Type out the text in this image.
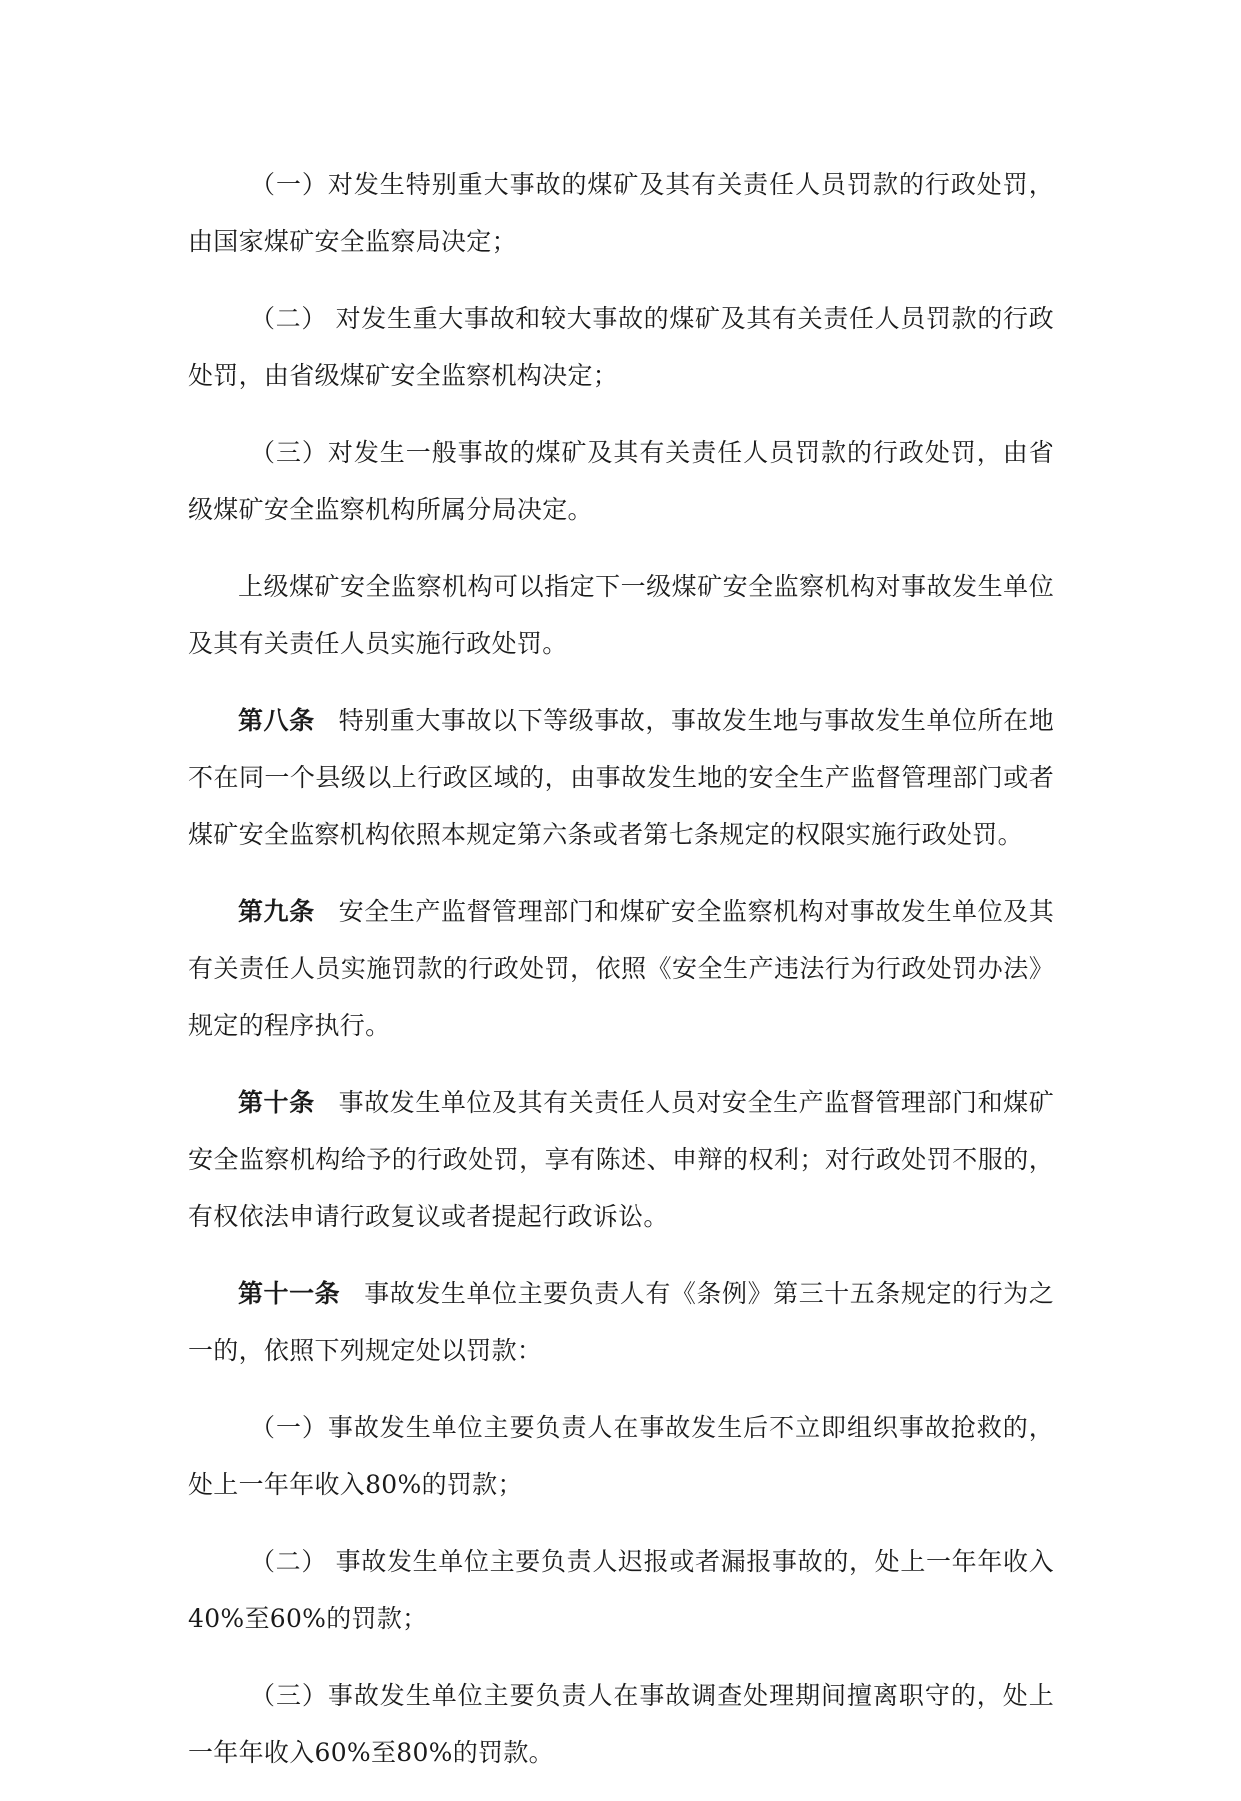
（一）对发生特别重大事故的煤矿及其有关责任人员罚款的行政处罚，由国家煤矿安全监察局决定；

（二） 对发生重大事故和较大事故的煤矿及其有关责任人员罚款的行政处罚，由省级煤矿安全监察机构决定；

（三）对发生一般事故的煤矿及其有关责任人员罚款的行政处罚，由省级煤矿安全监察机构所属分局决定。

上级煤矿安全监察机构可以指定下一级煤矿安全监察机构对事故发生单位及其有关责任人员实施行政处罚。

第八条 特别重大事故以下等级事故，事故发生地与事故发生单位所在地不在同一个县级以上行政区域的，由事故发生地的安全生产监督管理部门或者煤矿安全监察机构依照本规定第六条或者第七条规定的权限实施行政处罚。

第九条 安全生产监督管理部门和煤矿安全监察机构对事故发生单位及其有关责任人员实施罚款的行政处罚，依照《安全生产违法行为行政处罚办法》规定的程序执行。

第十条 事故发生单位及其有关责任人员对安全生产监督管理部门和煤矿安全监察机构给予的行政处罚，享有陈述、申辩的权利；对行政处罚不服的，有权依法申请行政复议或者提起行政诉讼。

第十一条 事故发生单位主要负责人有《条例》第三十五条规定的行为之一的，依照下列规定处以罚款：

（一）事故发生单位主要负责人在事故发生后不立即组织事故抢救的，处上一年年收入80%的罚款；

（二） 事故发生单位主要负责人迟报或者漏报事故的，处上一年年收入40%至60%的罚款；

（三）事故发生单位主要负责人在事故调查处理期间擅离职守的，处上一年年收入60%至80%的罚款。
